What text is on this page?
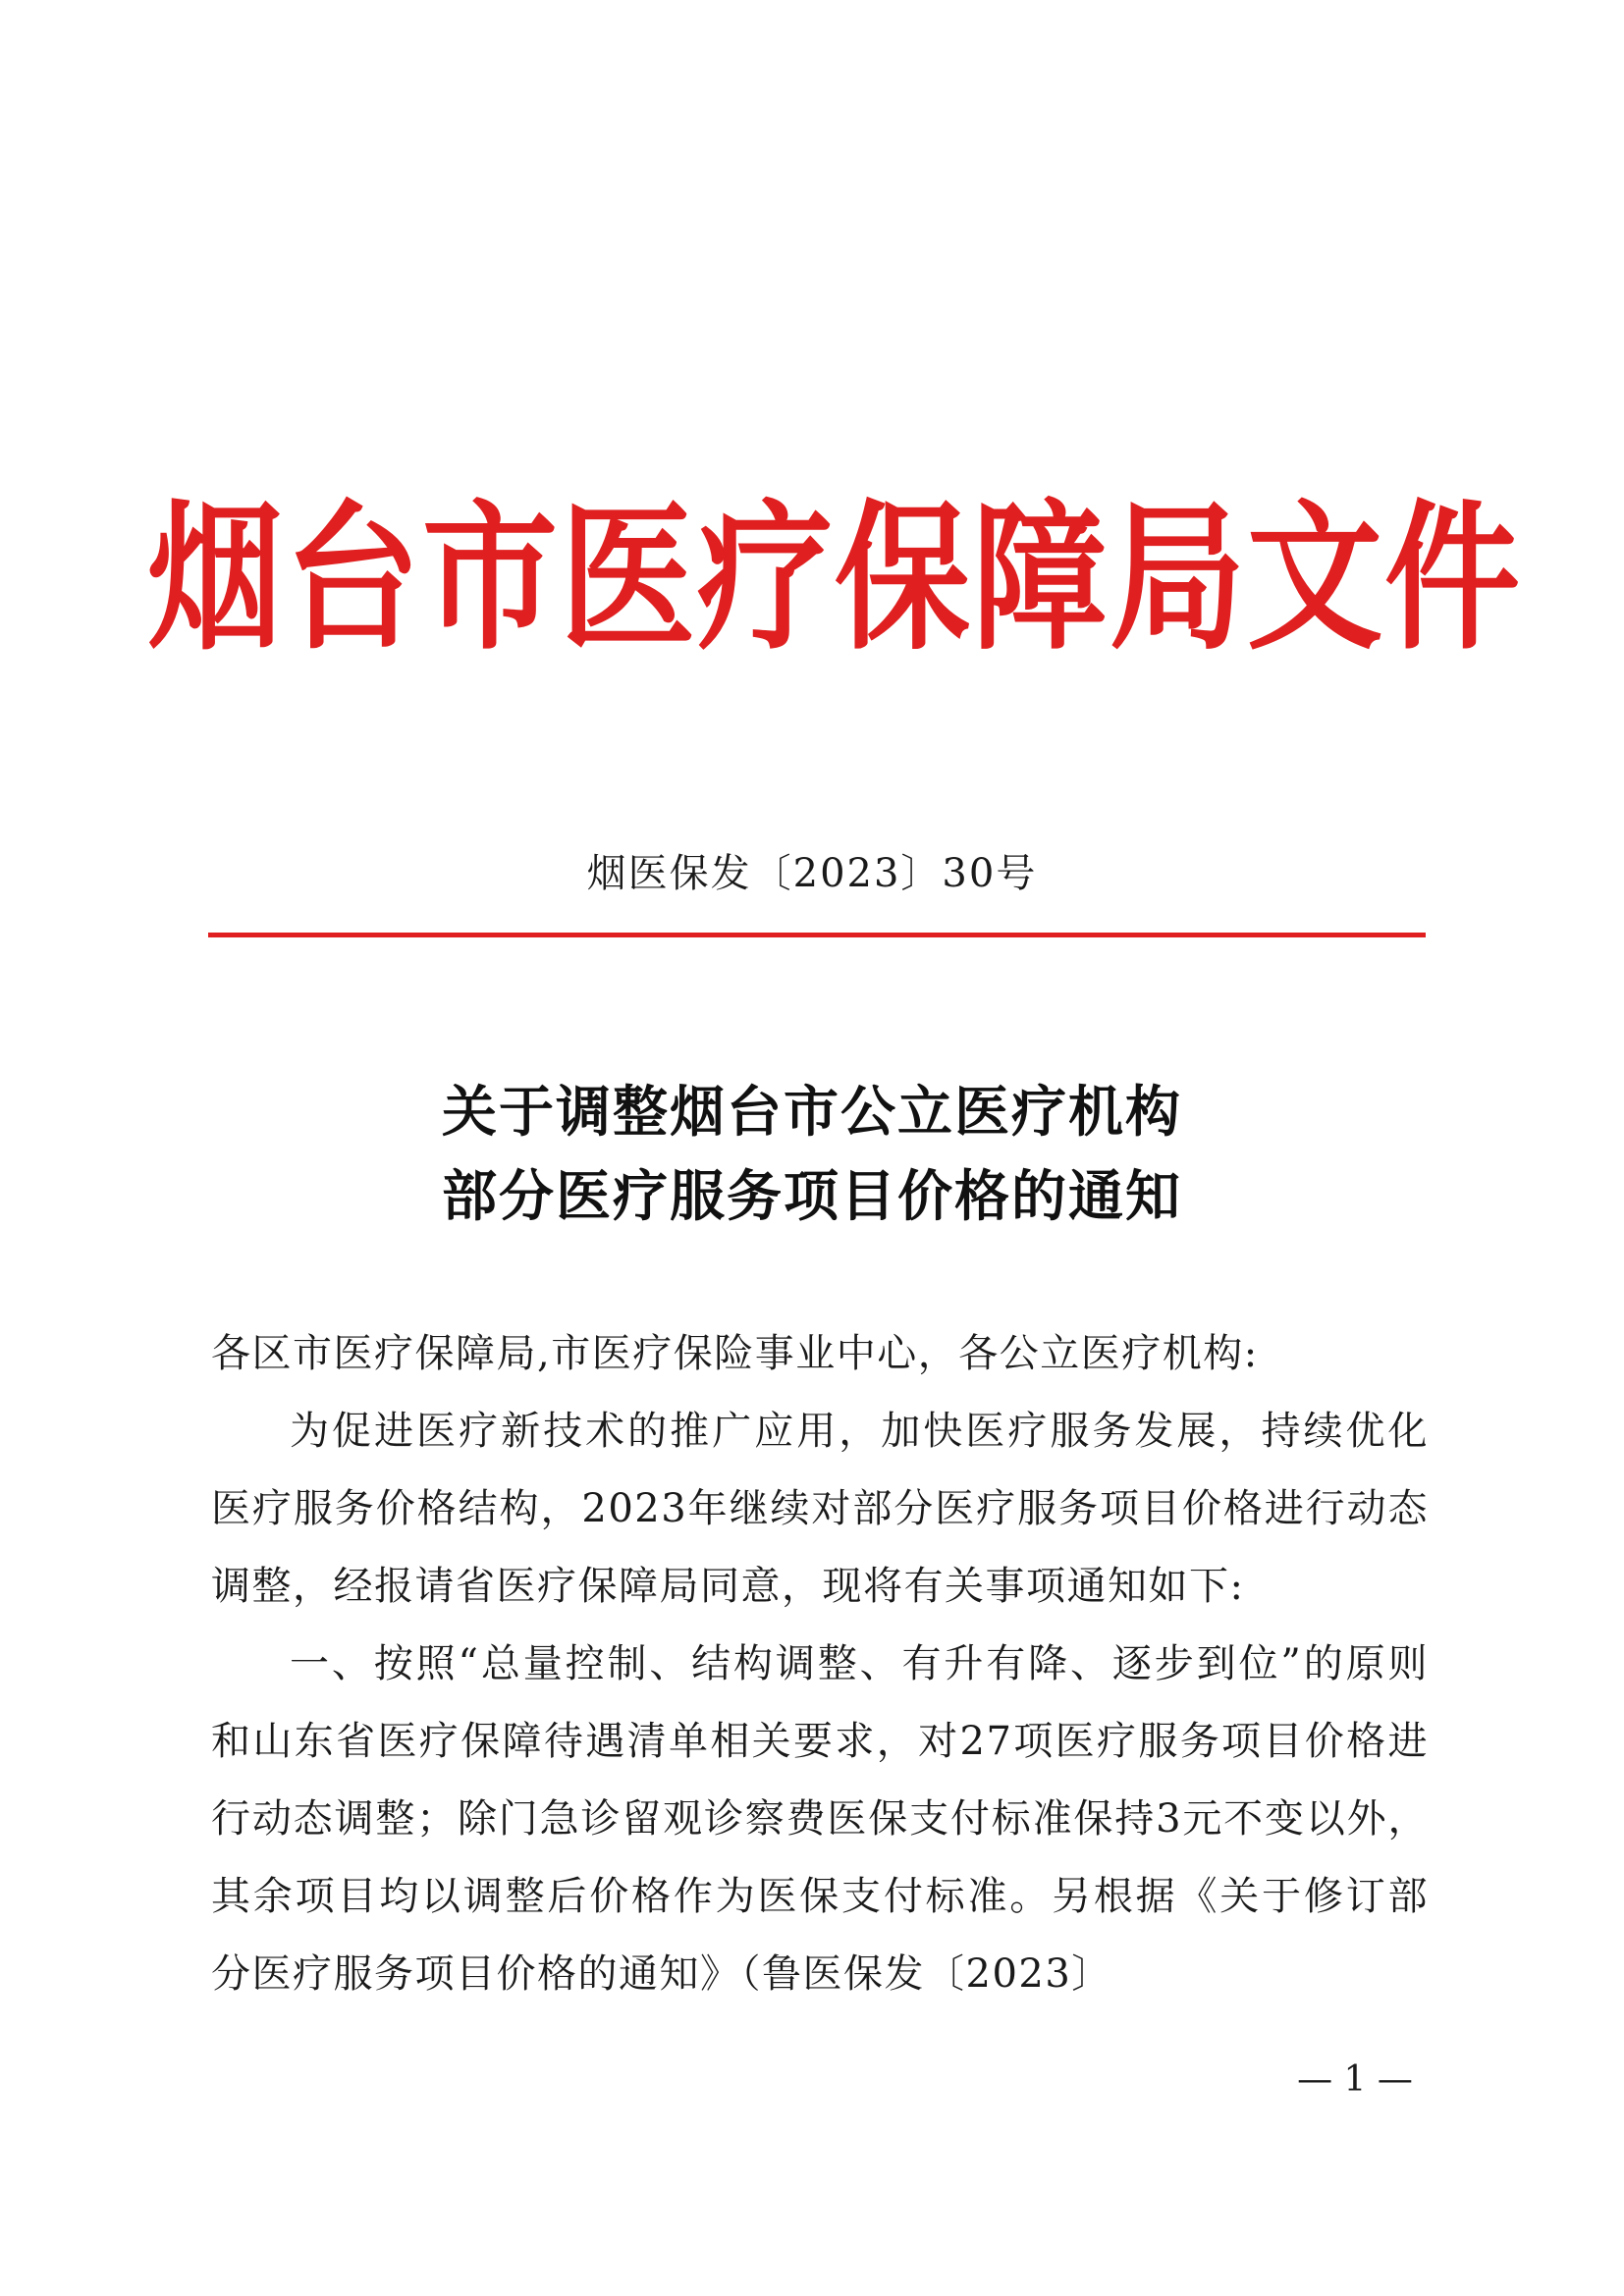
烟台市医疗保障局文件
烟医保发〔2023〕30号
关于调整烟台市公立医疗机构
部分医疗服务项目价格的通知

各区市医疗保障局,市医疗保险事业中心，各公立医疗机构:

为促进医疗新技术的推广应用，加快医疗服务发展，持续优化医疗服务价格结构，2023年继续对部分医疗服务项目价格进行动态调整，经报请省医疗保障局同意，现将有关事项通知如下:

一、按照“总量控制、结构调整、有升有降、逐步到位”的原则和山东省医疗保障待遇清单相关要求，对27项医疗服务项目价格进行动态调整；除门急诊留观诊察费医保支付标准保持3元不变以外，其余项目均以调整后价格作为医保支付标准。另根据《关于修订部分医疗服务项目价格的通知》（鲁医保发〔2023〕

— 1 —
